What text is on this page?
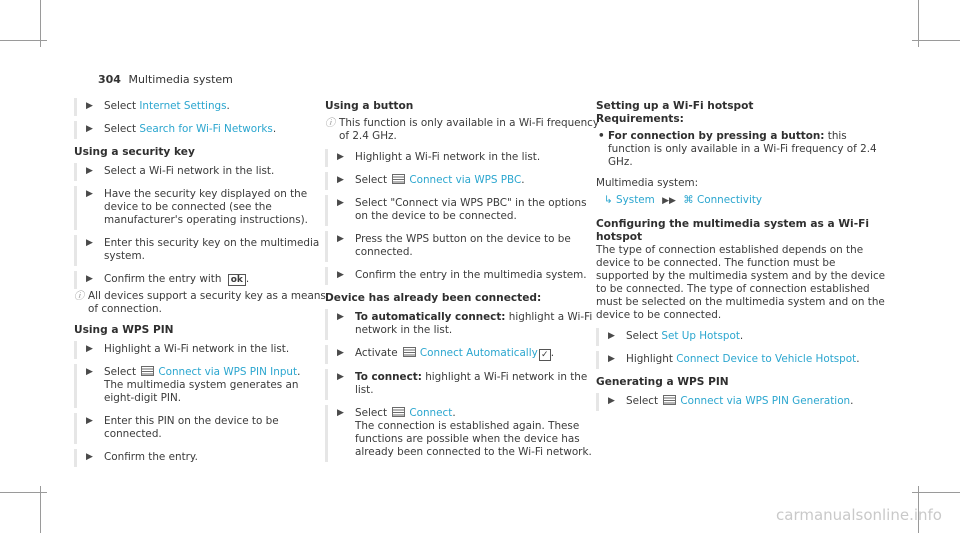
304 Multimedia system
▶	Select Internet Settings.
▶	Select Search for Wi-Fi Networks.
Using a security key
▶	Select a Wi-Fi network in the list.
▶	Have the security key displayed on the device to be connected (see the manufacturer's operating instructions).
▶	Enter this security key on the multimedia system.
▶	Confirm the entry with ok .
ⓘ All devices support a security key as a means of connection.
Using a WPS PIN
▶	Highlight a Wi-Fi network in the list.
▶	Select Connect via WPS PIN Input.
The multimedia system generates an eight-digit PIN.
▶	Enter this PIN on the device to be connected.
▶	Confirm the entry.
Using a button
ⓘ This function is only available in a Wi-Fi frequency of 2.4 GHz.
▶	Highlight a Wi-Fi network in the list.
▶	Select Connect via WPS PBC.
▶	Select "Connect via WPS PBC" in the options on the device to be connected.
▶	Press the WPS button on the device to be connected.
▶	Confirm the entry in the multimedia system.
Device has already been connected:
▶	To automatically connect: highlight a Wi-Fi network in the list.
▶	Activate Connect Automatically ✓ .
▶	To connect: highlight a Wi-Fi network in the list.
▶	Select Connect.
The connection is established again. These functions are possible when the device has already been connected to the Wi-Fi network.
Setting up a Wi-Fi hotspot
Requirements:
• For connection by pressing a button: this function is only available in a Wi-Fi frequency of 2.4 GHz.
Multimedia system:
↳ System ▶▶ ⌘ Connectivity
Configuring the multimedia system as a Wi-Fi hotspot
The type of connection established depends on the device to be connected. The function must be supported by the multimedia system and by the device to be connected. The type of connection established must be selected on the multimedia system and on the device to be connected.
▶	Select Set Up Hotspot.
▶	Highlight Connect Device to Vehicle Hotspot.
Generating a WPS PIN
▶	Select Connect via WPS PIN Generation.
carmanualsonline.info
